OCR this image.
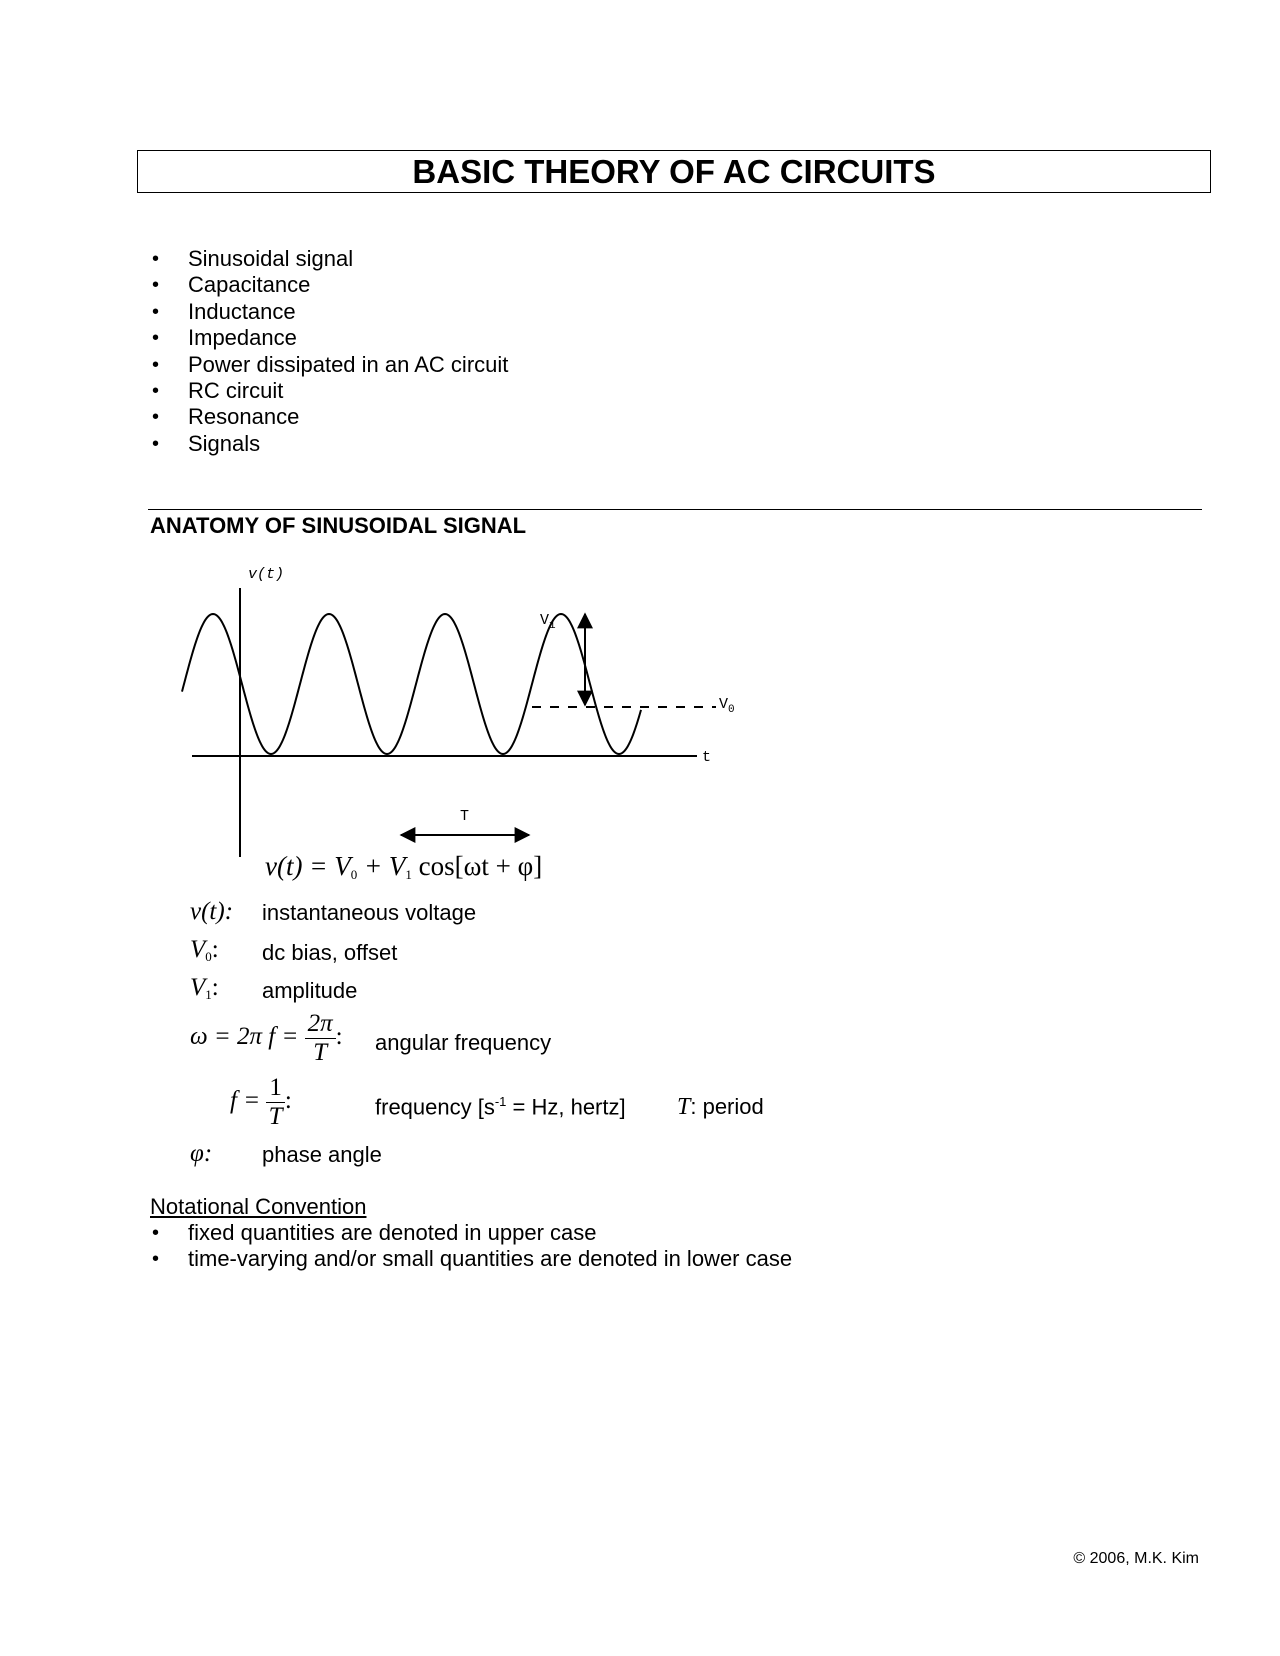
BASIC THEORY OF AC CIRCUITS
• Sinusoidal signal
• Capacitance
• Inductance
• Impedance
• Power dissipated in an AC circuit
• RC circuit
• Resonance
• Signals
ANATOMY OF SINUSOIDAL SIGNAL
v(t)
t
$V_1$
$V_0$
T
$v(t) = V_0 + V_1$ cos[ωt + φ]
v(t): instantaneous voltage
$V_0$: dc bias, offset
$V_1$: amplitude
ω = 2π $f = \frac{2\pi}{T}$ : angular frequency
$f = \frac{1}{T}$ :	frequency [$s^{-1} = Hz$, hertz] T: period
φ: phase angle
Notational Convention
• fixed quantities are denoted in upper case
• time-varying and/or small quantities are denoted in lower case
© 2006, M.K. Kim
